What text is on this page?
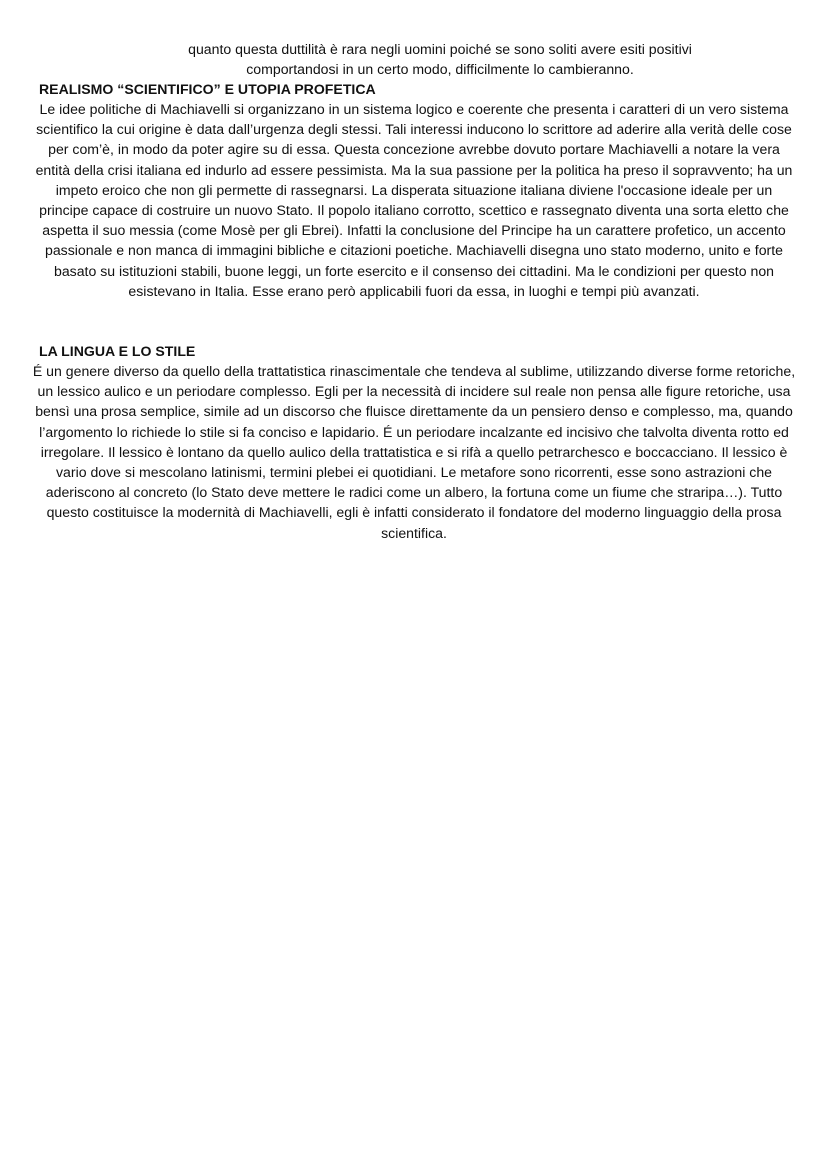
quanto questa duttilità è rara negli uomini poiché se sono soliti avere esiti positivi comportandosi in un certo modo, difficilmente lo cambieranno.

REALISMO “SCIENTIFICO” E UTOPIA PROFETICA

Le idee politiche di Machiavelli si organizzano in un sistema logico e coerente che presenta i caratteri di un vero sistema scientifico la cui origine è data dall’urgenza degli stessi. Tali interessi inducono lo scrittore ad aderire alla verità delle cose per com’è, in modo da poter agire su di essa. Questa concezione avrebbe dovuto portare Machiavelli a notare la vera entità della crisi italiana ed indurlo ad essere pessimista. Ma la sua passione per la politica ha preso il sopravvento; ha un impeto eroico che non gli permette di rassegnarsi. La disperata situazione italiana diviene l'occasione ideale per un principe capace di costruire un nuovo Stato. Il popolo italiano corrotto, scettico e rassegnato diventa una sorta eletto che aspetta il suo messia (come Mosè per gli Ebrei). Infatti la conclusione del Principe ha un carattere profetico, un accento passionale e non manca di immagini bibliche e citazioni poetiche. Machiavelli disegna uno stato moderno, unito e forte basato su istituzioni stabili, buone leggi, un forte esercito e il consenso dei cittadini. Ma le condizioni per questo non esistevano in Italia. Esse erano però applicabili fuori da essa, in luoghi e tempi più avanzati.

LA LINGUA E LO STILE

É un genere diverso da quello della trattatistica rinascimentale che tendeva al sublime, utilizzando diverse forme retoriche, un lessico aulico e un periodare complesso. Egli per la necessità di incidere sul reale non pensa alle figure retoriche, usa bensì una prosa semplice, simile ad un discorso che fluisce direttamente da un pensiero denso e complesso, ma, quando l’argomento lo richiede lo stile si fa conciso e lapidario. É un periodare incalzante ed incisivo che talvolta diventa rotto ed irregolare. Il lessico è lontano da quello aulico della trattatistica e si rifà a quello petrarchesco e boccacciano. Il lessico è vario dove si mescolano latinismi, termini plebei ei quotidiani. Le metafore sono ricorrenti, esse sono astrazioni che aderiscono al concreto (lo Stato deve mettere le radici come un albero, la fortuna come un fiume che straripa…). Tutto questo costituisce la modernità di Machiavelli, egli è infatti considerato il fondatore del moderno linguaggio della prosa scientifica.
